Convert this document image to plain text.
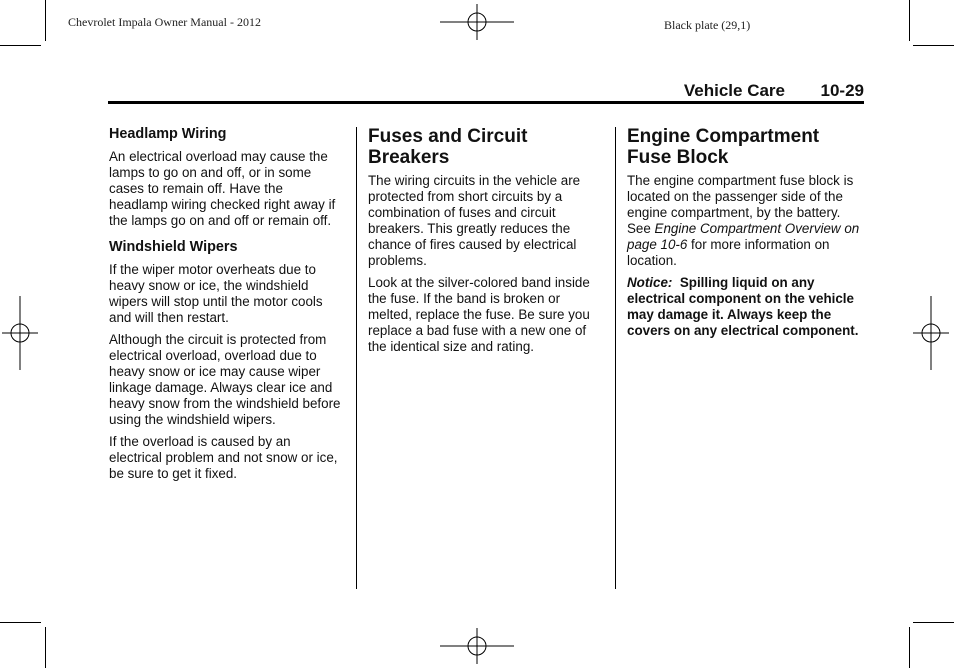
Chevrolet Impala Owner Manual - 2012	Black plate (29,1)
Vehicle Care 10-29
Headlamp Wiring

An electrical overload may cause the lamps to go on and off, or in some cases to remain off. Have the headlamp wiring checked right away if the lamps go on and off or remain off.

Windshield Wipers

If the wiper motor overheats due to heavy snow or ice, the windshield wipers will stop until the motor cools and will then restart.

Although the circuit is protected from electrical overload, overload due to heavy snow or ice may cause wiper linkage damage. Always clear ice and heavy snow from the windshield before using the windshield wipers.

If the overload is caused by an electrical problem and not snow or ice, be sure to get it fixed.

Fuses and Circuit Breakers

The wiring circuits in the vehicle are protected from short circuits by a combination of fuses and circuit breakers. This greatly reduces the chance of fires caused by electrical problems.

Look at the silver-colored band inside the fuse. If the band is broken or melted, replace the fuse. Be sure you replace a bad fuse with a new one of the identical size and rating.

Engine Compartment Fuse Block

The engine compartment fuse block is located on the passenger side of the engine compartment, by the battery. See Engine Compartment Overview on page 10-6 for more information on location.

Notice: Spilling liquid on any electrical component on the vehicle may damage it. Always keep the covers on any electrical component.
